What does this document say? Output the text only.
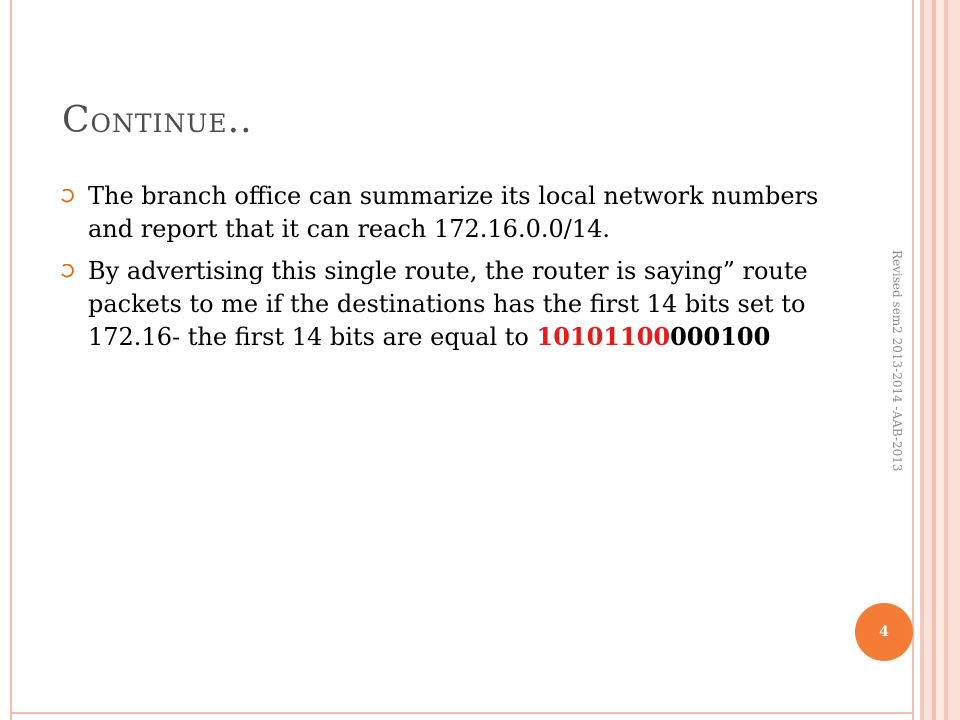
Continue..
The branch office can summarize its local network numbers and report that it can reach 172.16.0.0/14.
By advertising this single route, the router is saying” route packets to me if the destinations has the first 14 bits set to 172.16- the first 14 bits are equal to 10101100000100	Revised sem2 2013-2014 -AAB-2013
4
